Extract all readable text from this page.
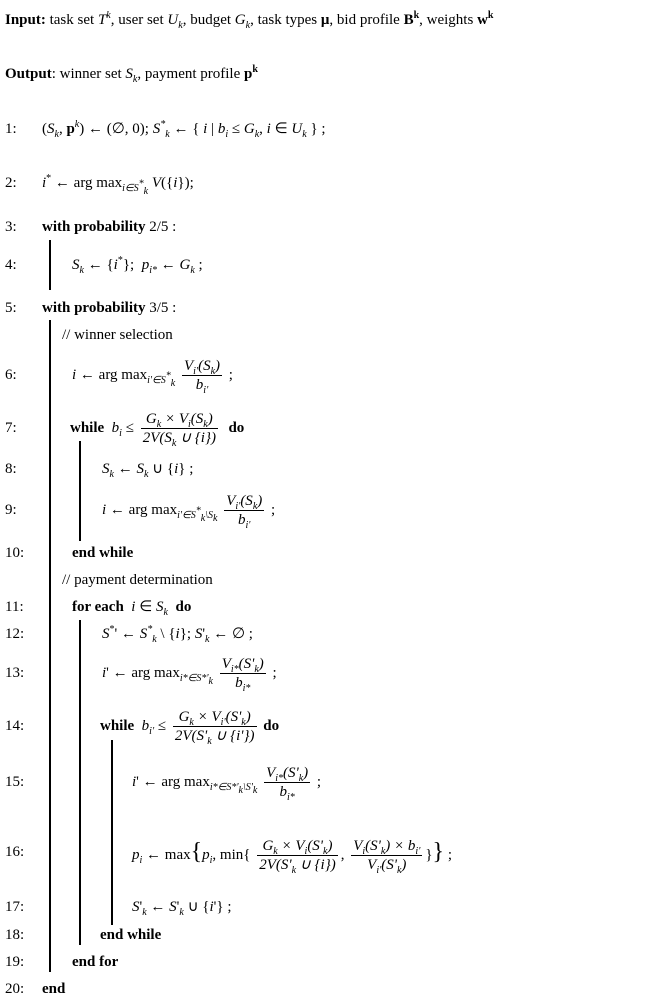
Input: task set $T^k$, user set $U_k$, budget $G_k$, task types μ, bid profile $B^k$, weights $w^k$
Output: winner set $S_k$, payment profile $p^k$
1:
2:
3:
4:
5:
6:
7:
8:
9:
10:
11:
12:
13:
14:
15:
16:
17:
18:
19:
20:
($S_k$, $p^k$) ← (∅, 0); $S^*_k$ ← { i | $b_i \le G_k$, i ∈ $U_k$ } ;
i* ← arg $\max_{i\in S^*_k} V(\{i\})$;
with probability 2/5 :
$S_k$ ← {i*};  $p_{i*}$ ← $G_k$ ;
with probability 3/5 :
// winner selection
i ← arg $\max_{i'\in S^*_k} \frac{V_{i'}(S_k)}{b_{i'}}$ ;
while $b_i \le \frac{G_k \times V_i(S_k)}{2V(S_k \cup \{i\})}$ do
$S_k$ ← $S_k$ ∪ {i} ;
i ← arg $\max_{i'\in S^*_k\backslash S_k} \frac{V_{i'}(S_k)}{b_{i'}}$ ;
end while
// payment determination
for each i ∈ $S_k$ do
S*' ← $S^*_k$ \ {i}; $S'_k$ ← ∅ ;
i' ← arg $\max_{i*\in S*'_k} \frac{V_{i*}(S'_k)}{b_{i*}}$ ;
while $b_{i'} \le \frac{G_k \times V_{i'}(S'_k)}{2V(S'_k \cup \{i'\})}$ do
i' ← arg $\max_{i*\in S*'_k\backslash S'_k} \frac{V_{i*}(S'_k)}{b_{i*}}$ ;
$p_i$ ← $\max\{p_i$, $\min\{ \frac{G_k \times V_i(S'_k)}{2V(S'_k \cup \{i\})}$ , $\frac{V_i(S'_k) \times b_{i'}}{V_{i'}(S'_k)}$ }} ;
$S'_k$ ← $S'_k$ ∪ {i'} ;
end while
end for
end
